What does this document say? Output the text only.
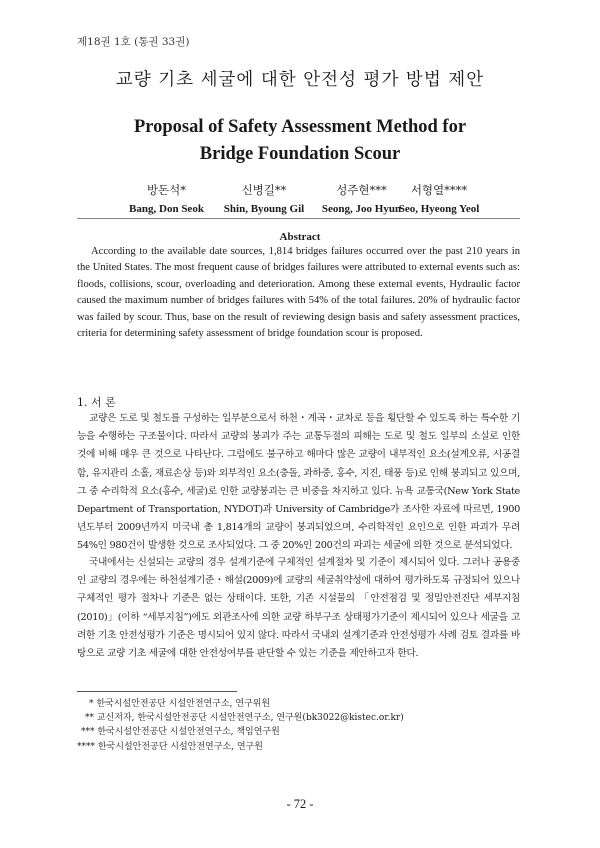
제18권 1호 (통권 33권)
교량 기초 세굴에 대한 안전성 평가 방법 제안
Proposal of Safety Assessment Method for
Bridge Foundation Scour
방돈석*
Bang, Don Seok
신병길**
Shin, Byoung Gil
성주현***
Seong, Joo Hyun
서형열****
Seo, Hyeong Yeol
Abstract

According to the available date sources, 1,814 bridges failures occurred over the past 210 years in the United States. The most frequent cause of bridges failures were attributed to external events such as: floods, collisions, scour, overloading and deterioration. Among these external events, Hydraulic factor caused the maximum number of bridges failures with 54% of the total failures. 20% of hydraulic factor was failed by scour. Thus, base on the result of reviewing design basis and safety assessment practices, criteria for determining safety assessment of bridge foundation scour is proposed.

1. 서 론

교량은 도로 및 철도를 구성하는 일부분으로서 하천・계곡・교차로 등을 횡단할 수 있도록 하는 특수한 기능을 수행하는 구조물이다. 따라서 교량의 붕괴가 주는 교통두절의 피해는 도로 및 철도 일부의 소실로 인한 것에 비해 매우 큰 것으로 나타난다. 그럼에도 불구하고 해마다 많은 교량이 내부적인 요소(설계오류, 시공결함, 유지관리 소홀, 재료손상 등)와 외부적인 요소(충돌, 과하중, 홍수, 지진, 태풍 등)로 인해 붕괴되고 있으며, 그 중 수리학적 요소(홍수, 세굴)로 인한 교량붕괴는 큰 비중을 차지하고 있다. 뉴욕 교통국(New York State Department of Transportation, NYDOT)과 University of Cambridge가 조사한 자료에 따르면, 1900년도부터 2009년까지 미국내 총 1,814개의 교량이 붕괴되었으며, 수리학적인 요인으로 인한 파괴가 무려 54%인 980건이 발생한 것으로 조사되었다. 그 중 20%인 200건의 파괴는 세굴에 의한 것으로 분석되었다.

국내에서는 신설되는 교량의 경우 설계기준에 구체적인 설계절차 및 기준이 제시되어 있다. 그러나 공용중인 교량의 경우에는 하천설계기준・해설(2009)에 교량의 세굴취약성에 대하여 평가하도록 규정되어 있으나 구체적인 평가 절차나 기준은 없는 상태이다. 또한, 기존 시설물의 「안전점검 및 정밀안전진단 세부지침(2010)」(이하 “세부지침”)에도 외관조사에 의한 교량 하부구조 상태평가기준이 제시되어 있으나 세굴을 고려한 기초 안전성평가 기준은 명시되어 있지 않다. 따라서 국내외 설계기준과 안전성평가 사례 검토 결과를 바탕으로 교량 기초 세굴에 대한 안전성여부를 판단할 수 있는 기준을 제안하고자 한다.

* 한국시설안전공단 시설안전연구소, 연구위원
** 교신저자, 한국시설안전공단 시설안전연구소, 연구원(bk3022@kistec.or.kr)
*** 한국시설안전공단 시설안전연구소, 책임연구원
**** 한국시설안전공단 시설안전연구소, 연구원
- 72 -
